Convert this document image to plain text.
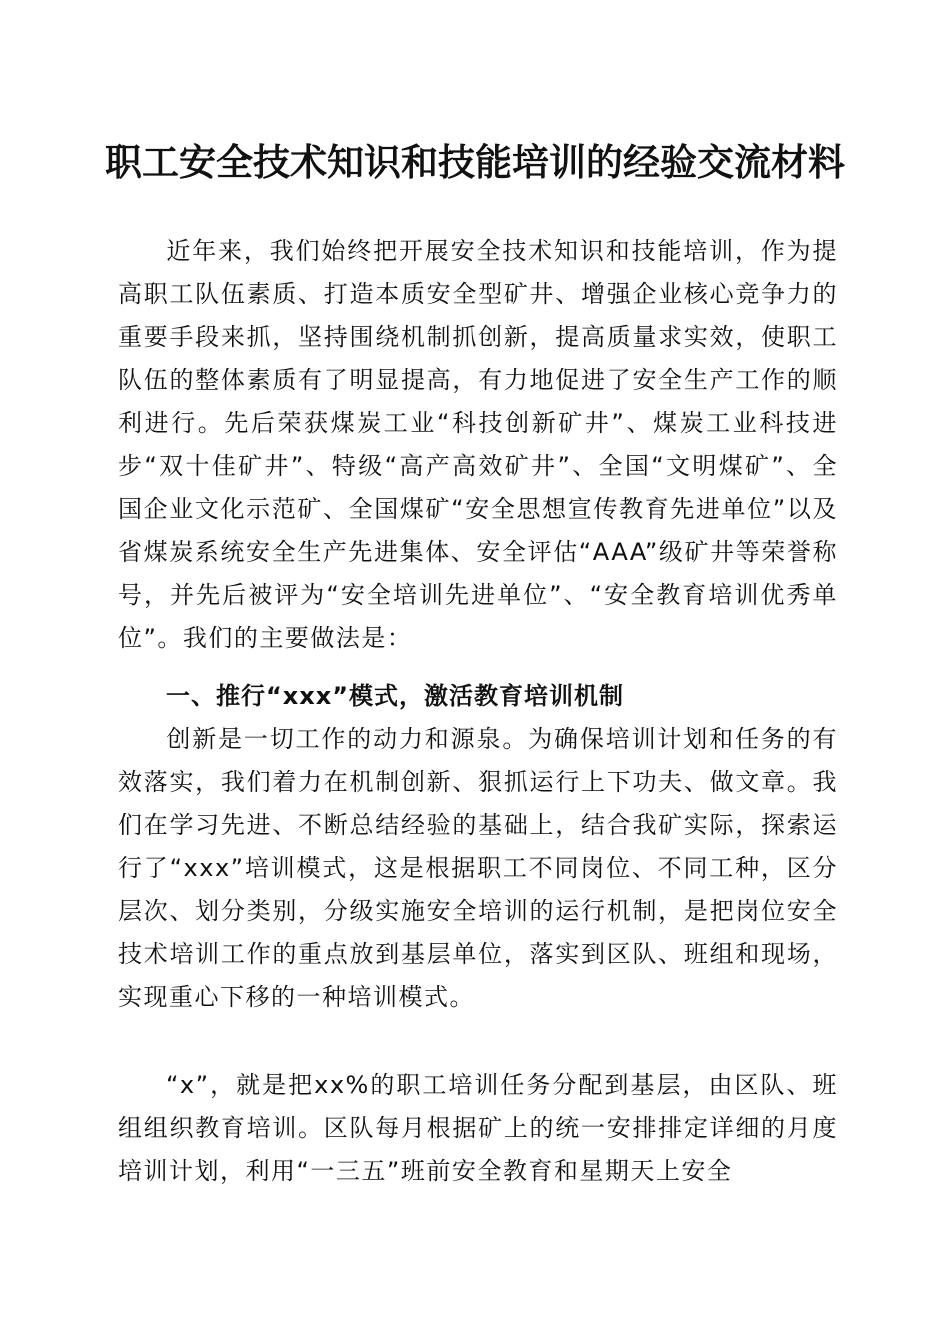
职工安全技术知识和技能培训的经验交流材料
近年来，我们始终把开展安全技术知识和技能培训，作为提高职工队伍素质、打造本质安全型矿井、增强企业核心竞争力的重要手段来抓，坚持围绕机制抓创新，提高质量求实效，使职工队伍的整体素质有了明显提高，有力地促进了安全生产工作的顺利进行。先后荣获煤炭工业“科技创新矿井”、煤炭工业科技进步“双十佳矿井”、特级“高产高效矿井”、全国“文明煤矿”、全国企业文化示范矿、全国煤矿“安全思想宣传教育先进单位”以及省煤炭系统安全生产先进集体、安全评估“AAA”级矿井等荣誉称号，并先后被评为“安全培训先进单位”、“安全教育培训优秀单位”。我们的主要做法是：
一、推行“xxx”模式，激活教育培训机制
创新是一切工作的动力和源泉。为确保培训计划和任务的有效落实，我们着力在机制创新、狠抓运行上下功夫、做文章。我们在学习先进、不断总结经验的基础上，结合我矿实际，探索运行了“xxx”培训模式，这是根据职工不同岗位、不同工种，区分层次、划分类别，分级实施安全培训的运行机制，是把岗位安全技术培训工作的重点放到基层单位，落实到区队、班组和现场，实现重心下移的一种培训模式。
“x”，就是把xx%的职工培训任务分配到基层，由区队、班组组织教育培训。区队每月根据矿上的统一安排排定详细的月度培训计划，利用“一三五”班前安全教育和星期天上安全
